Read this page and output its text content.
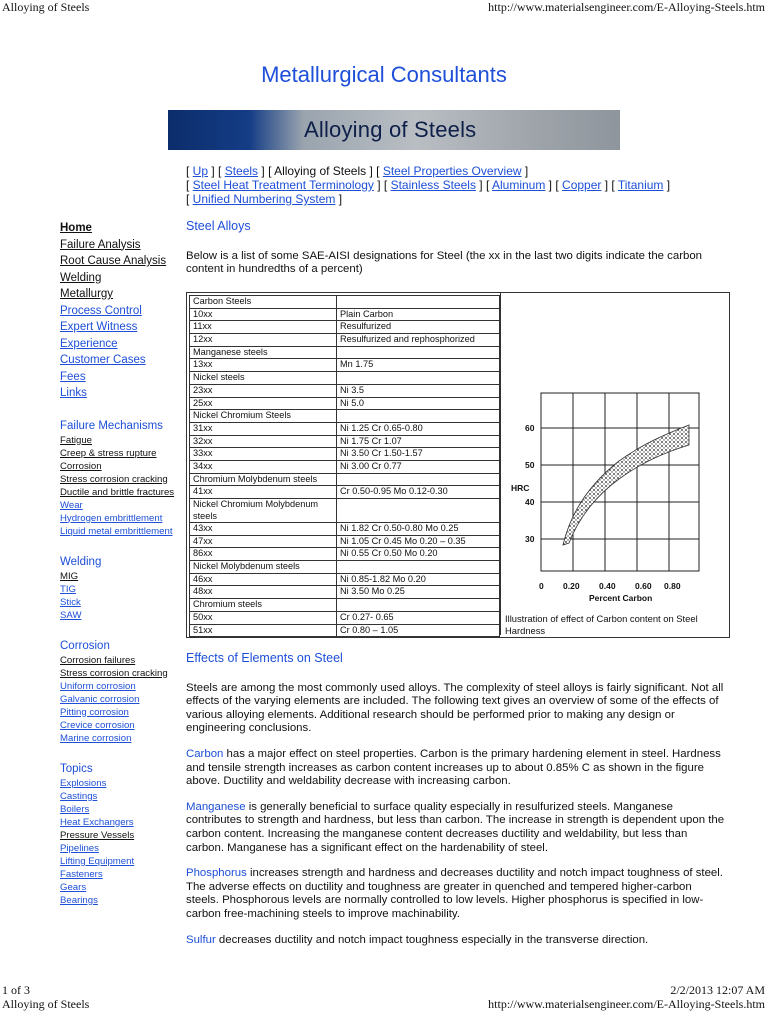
Alloying of Steels	http://www.materialsengineer.com/E-Alloying-Steels.htm
Metallurgical Consultants
Alloying of Steels
[ Up ] [ Steels ] [ Alloying of Steels ] [ Steel Properties Overview ]
[ Steel Heat Treatment Terminology ] [ Stainless Steels ] [ Aluminum ] [ Copper ] [ Titanium ]
[ Unified Numbering System ]
Home
Failure Analysis
Root Cause Analysis
Welding
Metallurgy
Process Control
Expert Witness
Experience
Customer Cases
Fees
Links
Failure Mechanisms
Fatigue
Creep & stress rupture
Corrosion
Stress corrosion cracking
Ductile and brittle fractures
Wear
Hydrogen embrittlement
Liquid metal embrittlement
Welding
MIG
TIG
Stick
SAW
Corrosion
Corrosion failures
Stress corrosion cracking
Uniform corrosion
Galvanic corrosion
Pitting corrosion
Crevice corrosion
Marine corrosion
Topics
Explosions
Castings
Boilers
Heat Exchangers
Pressure Vessels
Pipelines
Lifting Equipment
Fasteners
Gears
Bearings
Steel Alloys

Below is a list of some SAE-AISI designations for Steel (the xx in the last two digits indicate the carbon content in hundredths of a percent)

Carbon Steels	
10xx	Plain Carbon
11xx	Resulfurized
12xx	Resulfurized and rephosphorized
Manganese steels	
13xx	Mn 1.75
Nickel steels	
23xx	Ni 3.5
25xx	Ni 5.0
Nickel Chromium Steels	
31xx	Ni 1.25 Cr 0.65-0.80
32xx	Ni 1.75 Cr 1.07
33xx	Ni 3.50 Cr 1.50-1.57
34xx	Ni 3.00 Cr 0.77
Chromium Molybdenum steels	
41xx	Cr 0.50-0.95 Mo 0.12-0.30
Nickel Chromium Molybdenum steels	
43xx	Ni 1.82 Cr 0.50-0.80 Mo 0.25
47xx	Ni 1.05 Cr 0.45 Mo 0.20 – 0.35
86xx	Ni 0.55 Cr 0.50 Mo 0.20
Nickel Molybdenum steels	
46xx	Ni 0.85-1.82 Mo 0.20
48xx	Ni 3.50 Mo 0.25
Chromium steels	
50xx	Cr 0.27- 0.65
51xx	Cr 0.80 – 1.05
60
50
40
30
HRC
0 0.20 0.40 0.60 0.80
Percent Carbon
Illustration of effect of Carbon content on Steel Hardness
Effects of Elements on Steel

Steels are among the most commonly used alloys. The complexity of steel alloys is fairly significant. Not all effects of the varying elements are included. The following text gives an overview of some of the effects of various alloying elements. Additional research should be performed prior to making any design or engineering conclusions.

Carbon has a major effect on steel properties. Carbon is the primary hardening element in steel. Hardness and tensile strength increases as carbon content increases up to about 0.85% C as shown in the figure above. Ductility and weldability decrease with increasing carbon.

Manganese is generally beneficial to surface quality especially in resulfurized steels. Manganese contributes to strength and hardness, but less than carbon. The increase in strength is dependent upon the carbon content. Increasing the manganese content decreases ductility and weldability, but less than carbon. Manganese has a significant effect on the hardenability of steel.

Phosphorus increases strength and hardness and decreases ductility and notch impact toughness of steel. The adverse effects on ductility and toughness are greater in quenched and tempered higher-carbon steels. Phosphorous levels are normally controlled to low levels. Higher phosphorus is specified in low-carbon free-machining steels to improve machinability.

Sulfur decreases ductility and notch impact toughness especially in the transverse direction.

1 of 3
Alloying of Steels
2/2/2013 12:07 AM
http://www.materialsengineer.com/E-Alloying-Steels.htm
